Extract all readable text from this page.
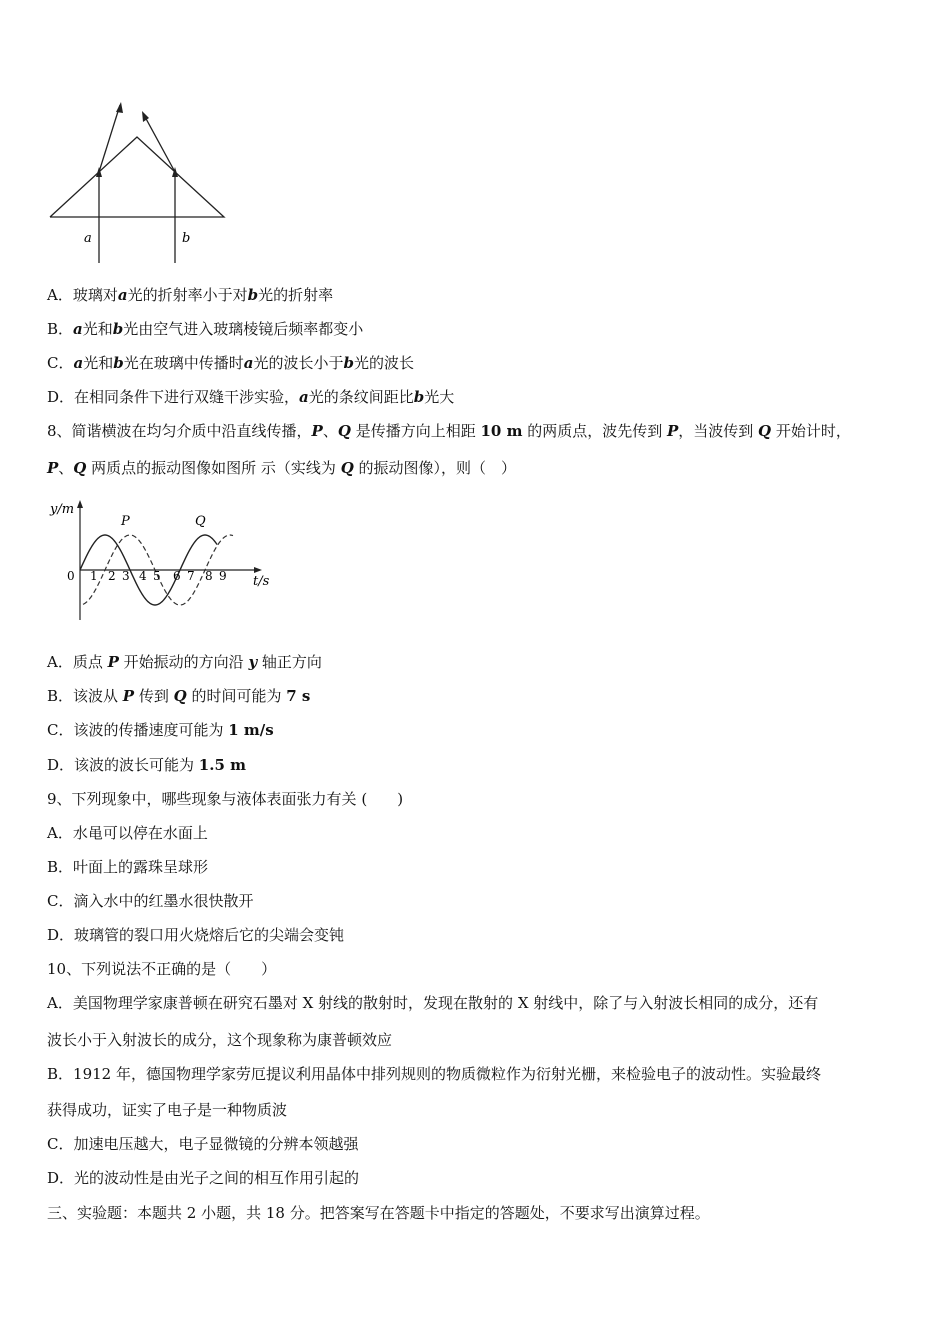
a	b
A．玻璃对a光的折射率小于对b光的折射率
B．a光和b光由空气进入玻璃棱镜后频率都变小
C．a光和b光在玻璃中传播时a光的波长小于b光的波长
D．在相同条件下进行双缝干涉实验，a光的条纹间距比b光大
8、简谐横波在均匀介质中沿直线传播，P、Q 是传播方向上相距 10 m 的两质点，波先传到 P，当波传到 Q 开始计时，
P、Q 两质点的振动图像如图所 示（实线为 Q 的振动图像），则（　）
y/m
t/s
0
P	Q
1 2 3 4 5 6 7 8 9
A．质点 P 开始振动的方向沿 y 轴正方向
B．该波从 P 传到 Q 的时间可能为 7 s
C．该波的传播速度可能为 1 m/s
D．该波的波长可能为 1.5 m
9、下列现象中，哪些现象与液体表面张力有关 (　　 )
A．水黾可以停在水面上
B．叶面上的露珠呈球形
C．滴入水中的红墨水很快散开
D．玻璃管的裂口用火烧熔后它的尖端会变钝
10、下列说法不正确的是（　　）
A．美国物理学家康普顿在研究石墨对 X 射线的散射时，发现在散射的 X 射线中，除了与入射波长相同的成分，还有
波长小于入射波长的成分，这个现象称为康普顿效应
B．1912 年，德国物理学家劳厄提议利用晶体中排列规则的物质微粒作为衍射光栅，来检验电子的波动性。实验最终
获得成功，证实了电子是一种物质波
C．加速电压越大，电子显微镜的分辨本领越强
D．光的波动性是由光子之间的相互作用引起的
三、实验题：本题共 2 小题，共 18 分。把答案写在答题卡中指定的答题处，不要求写出演算过程。
